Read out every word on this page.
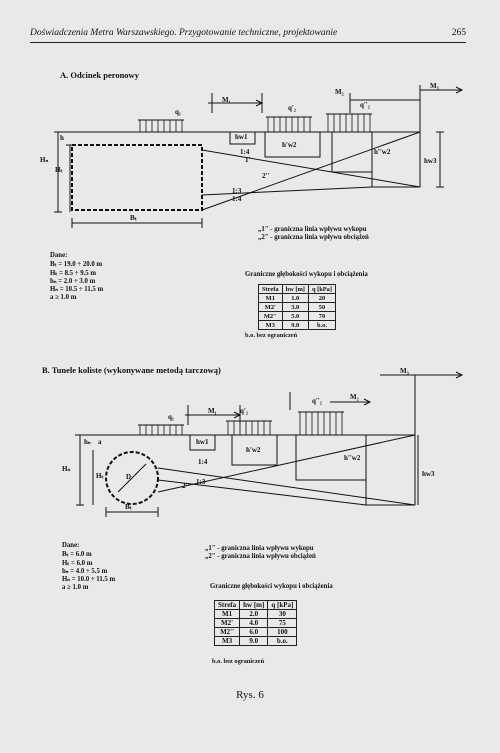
Doświadczenia Metra Warszawskiego. Przygotowanie techniczne, projektowanie	265
A. Odcinek peronowy
M₁
M₂
M₃
q₁	q'₂	q''₂
hw1
h'w2
h''w2
hw3
h
Hₙ
Hₜ
Bₜ
1'
2''
1:3
1:4
1:4
„1" - graniczna linia wpływu wykopu
„2" - graniczna linia wpływu obciążeń
Dane:
Bₜ = 19.0 ÷ 20.0 m
Hₜ = 8.5 ÷ 9.5 m
hₙ = 2.0 ÷ 3.0 m
Hₙ = 10.5 ÷ 11.5 m
a ≥ 1.0 m
Graniczne głębokości wykopu i obciążenia
Strefa	hw [m]	q [kPa]
M1	1.0	20
M2'	3.0	50
M2''	5.0	70
M3	9.0	b.o.
b.o. bez ograniczeń
B. Tunele koliste (wykonywane metodą tarczową)
M₁
M₂
M₃
q₁
q'₂
q''₂
hw1
h'w2
h''w2
hw3
hₙ a
Hₙ
Hₜ	D
Bₜ
1:4
1:3
2''
„1" - graniczna linia wpływu wykopu
„2" - graniczna linia wpływu obciążeń
Dane:
Bₜ = 6.0 m
Hₜ = 6.0 m
hₙ = 4.0 ÷ 5.5 m
Hₙ = 10.0 ÷ 11.5 m
a ≥ 1.0 m	Graniczne głębokości wykopu i obciążenia
Strefa	hw [m]	q [kPa]
M1	2.0	30
M2'	4.0	75
M2''	6.0	100
M3	9.0	b.o.
b.o. bez ograniczeń
Rys. 6
